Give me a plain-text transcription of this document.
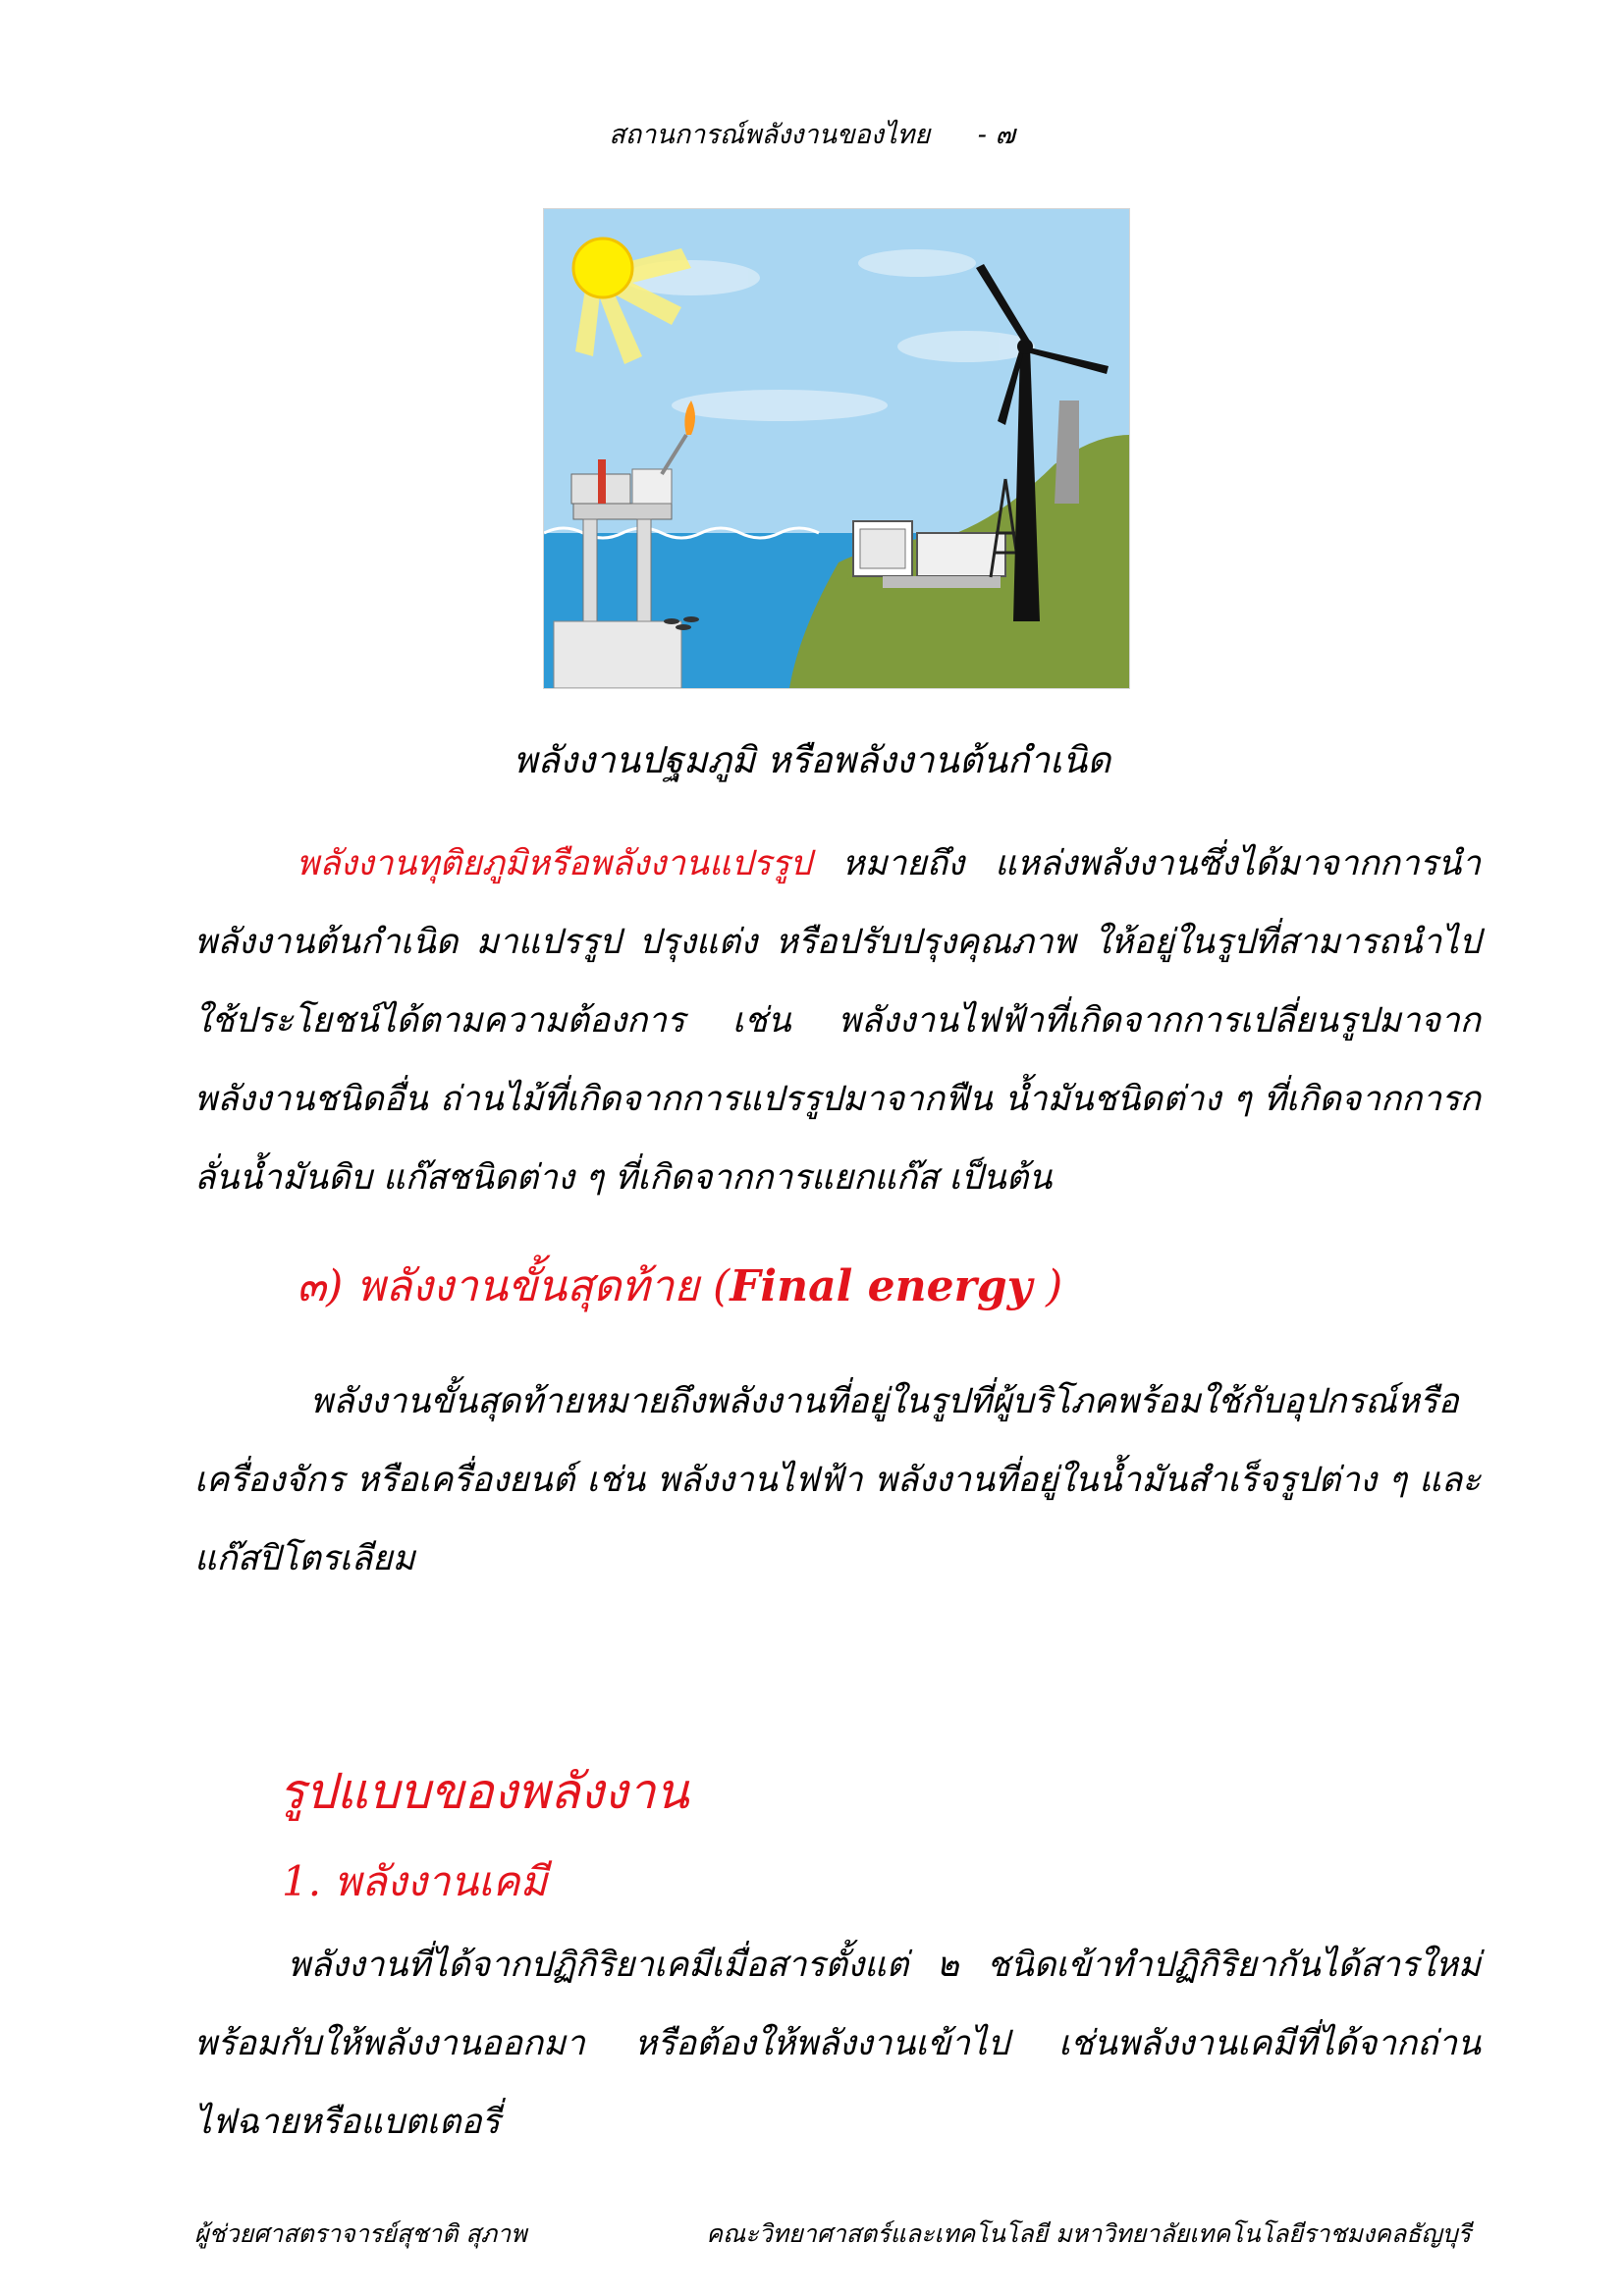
สถานการณ์พลังงานของไทย - ๗
พลังงานปฐมภูมิ หรือพลังงานต้นกำเนิด
พลังงานทุติยภูมิหรือพลังงานแปรรูป หมายถึง แหล่งพลังงานซึ่งได้มาจากการนำพลังงานต้นกำเนิด มาแปรรูป ปรุงแต่ง หรือปรับปรุงคุณภาพ ให้อยู่ในรูปที่สามารถนำไปใช้ประโยชน์ได้ตามความต้องการ เช่น พลังงานไฟฟ้าที่เกิดจากการเปลี่ยนรูปมาจากพลังงานชนิดอื่น ถ่านไม้ที่เกิดจากการแปรรูปมาจากฟืน น้ำมันชนิดต่าง ๆ ที่เกิดจากการกลั่นน้ำมันดิบ แก๊สชนิดต่าง ๆ ที่เกิดจากการแยกแก๊ส เป็นต้น
๓) พลังงานขั้นสุดท้าย (Final energy )
พลังงานขั้นสุดท้ายหมายถึงพลังงานที่อยู่ในรูปที่ผู้บริโภคพร้อมใช้กับอุปกรณ์หรือเครื่องจักร หรือเครื่องยนต์ เช่น พลังงานไฟฟ้า พลังงานที่อยู่ในน้ำมันสำเร็จรูปต่าง ๆ และแก๊สปิโตรเลียม
รูปแบบของพลังงาน
1. พลังงานเคมี
พลังงานที่ได้จากปฏิกิริยาเคมีเมื่อสารตั้งแต่ ๒ ชนิดเข้าทำปฏิกิริยากันได้สารใหม่ พร้อมกับให้พลังงานออกมา หรือต้องให้พลังงานเข้าไป เช่นพลังงานเคมีที่ได้จากถ่านไฟฉายหรือแบตเตอรี่
ผู้ช่วยศาสตราจารย์สุชาติ สุภาพ	คณะวิทยาศาสตร์และเทคโนโลยี มหาวิทยาลัยเทคโนโลยีราชมงคลธัญบุรี
